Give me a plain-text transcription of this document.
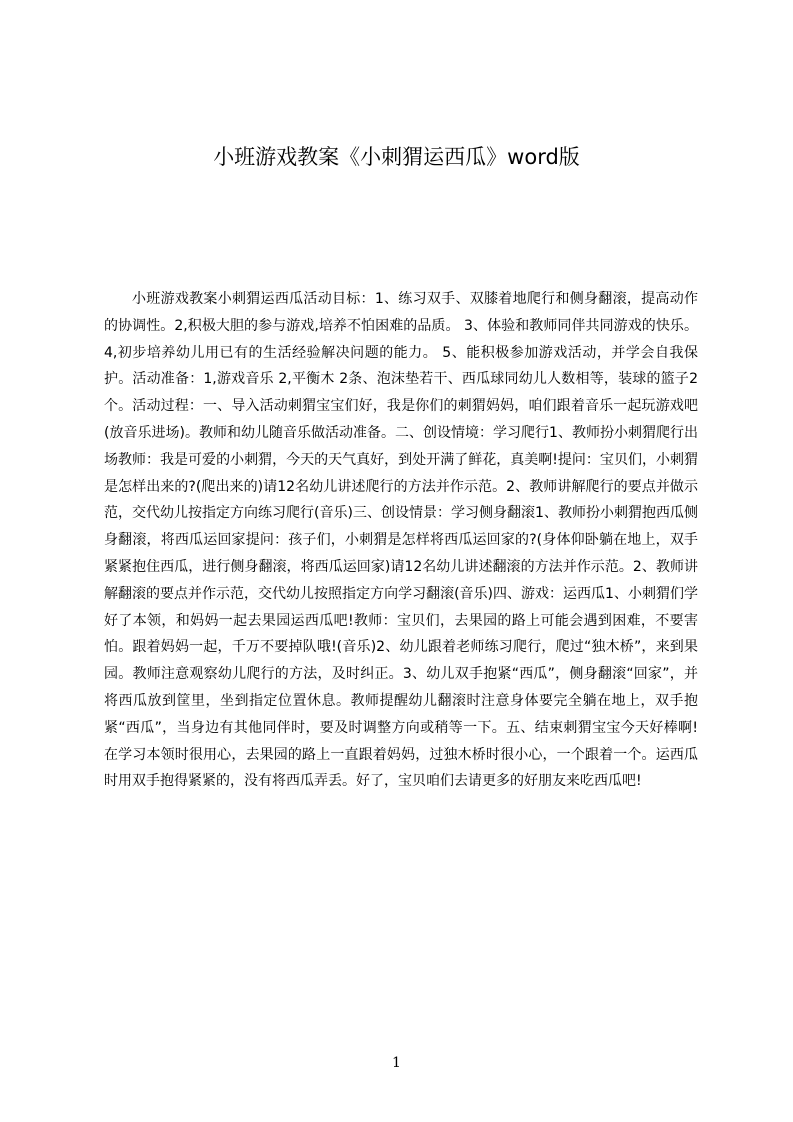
小班游戏教案《小刺猬运西瓜》word版

小班游戏教案小刺猬运西瓜活动目标：1、练习双手、双膝着地爬行和侧身翻滚，提高动作的协调性。2,积极大胆的参与游戏,培养不怕困难的品质。 3、体验和教师同伴共同游戏的快乐。4,初步培养幼儿用已有的生活经验解决问题的能力。 5、能积极参加游戏活动，并学会自我保护。活动准备：1,游戏音乐 2,平衡木 2条、泡沫垫若干、西瓜球同幼儿人数相等，装球的篮子2个。活动过程：一、导入活动刺猬宝宝们好，我是你们的刺猬妈妈，咱们跟着音乐一起玩游戏吧(放音乐进场)。教师和幼儿随音乐做活动准备。二、创设情境：学习爬行1、教师扮小刺猬爬行出场教师：我是可爱的小刺猬，今天的天气真好，到处开满了鲜花，真美啊!提问：宝贝们，小刺猬是怎样出来的?(爬出来的)请12名幼儿讲述爬行的方法并作示范。2、教师讲解爬行的要点并做示范，交代幼儿按指定方向练习爬行(音乐)三、创设情景：学习侧身翻滚1、教师扮小刺猬抱西瓜侧身翻滚，将西瓜运回家提问：孩子们，小刺猬是怎样将西瓜运回家的?(身体仰卧躺在地上，双手紧紧抱住西瓜，进行侧身翻滚，将西瓜运回家)请12名幼儿讲述翻滚的方法并作示范。2、教师讲解翻滚的要点并作示范，交代幼儿按照指定方向学习翻滚(音乐)四、游戏：运西瓜1、小刺猬们学好了本领，和妈妈一起去果园运西瓜吧!教师：宝贝们，去果园的路上可能会遇到困难，不要害怕。跟着妈妈一起，千万不要掉队哦!(音乐)2、幼儿跟着老师练习爬行，爬过“独木桥”，来到果园。教师注意观察幼儿爬行的方法，及时纠正。3、幼儿双手抱紧“西瓜”，侧身翻滚“回家”，并将西瓜放到筐里，坐到指定位置休息。教师提醒幼儿翻滚时注意身体要完全躺在地上，双手抱紧“西瓜”，当身边有其他同伴时，要及时调整方向或稍等一下。五、结束刺猬宝宝今天好棒啊!在学习本领时很用心，去果园的路上一直跟着妈妈，过独木桥时很小心，一个跟着一个。运西瓜时用双手抱得紧紧的，没有将西瓜弄丢。好了，宝贝咱们去请更多的好朋友来吃西瓜吧!

1
